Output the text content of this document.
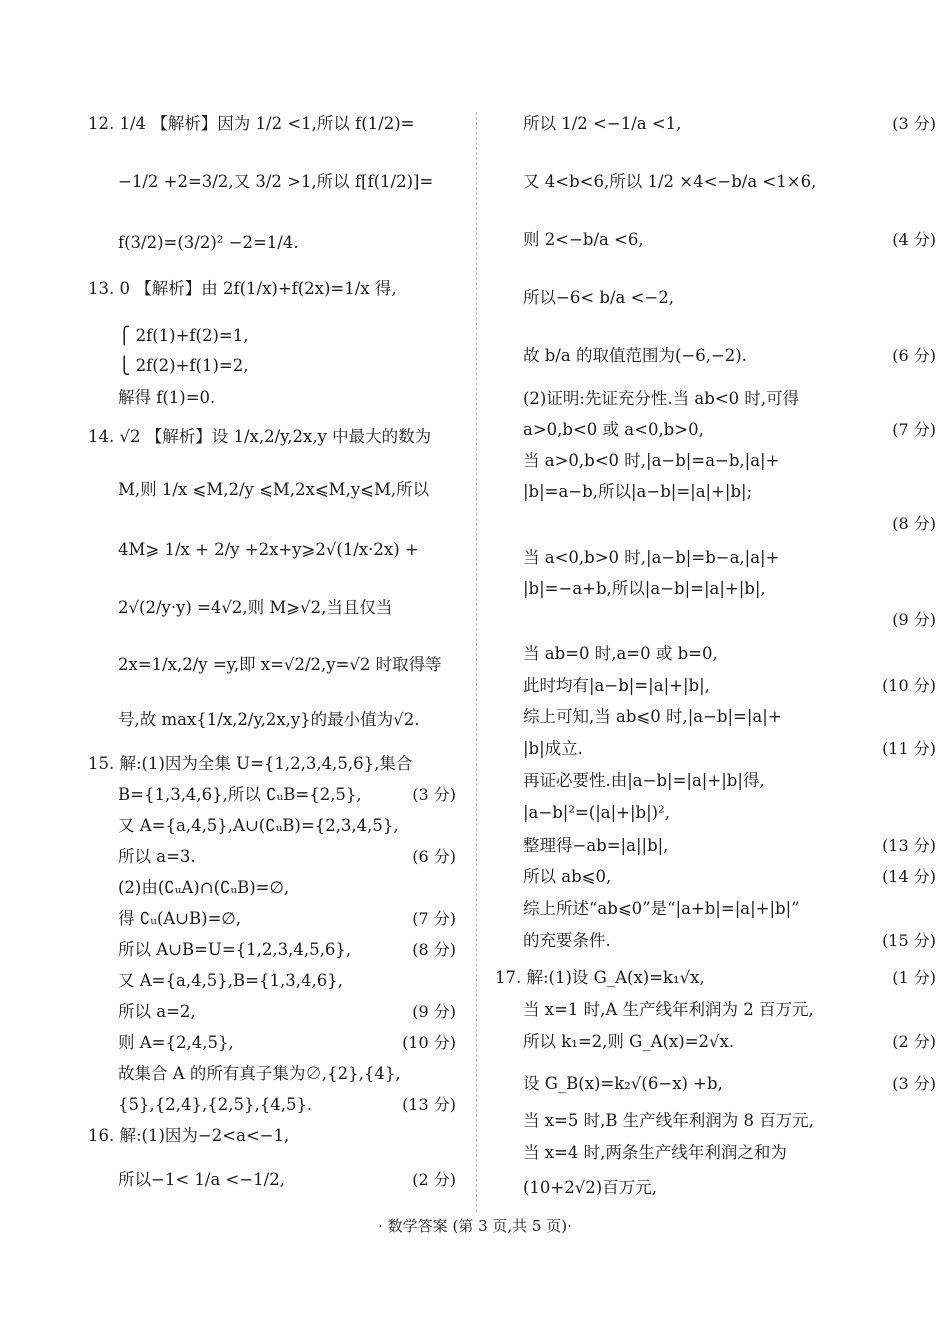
12. 1/4 【解析】因为 1/2 <1,所以 f(1/2)=
−1/2 +2=3/2,又 3/2 >1,所以 f[f(1/2)]=
f(3/2)=(3/2)² −2=1/4.
13. 0 【解析】由 2f(1/x)+f(2x)=1/x 得,
⎧ 2f(1)+f(2)=1,
⎩ 2f(2)+f(1)=2,
解得 f(1)=0.
14. √2 【解析】设 1/x,2/y,2x,y 中最大的数为
M,则 1/x ⩽M,2/y ⩽M,2x⩽M,y⩽M,所以
4M⩾ 1/x + 2/y +2x+y⩾2√(1/x·2x) +
2√(2/y·y) =4√2,则 M⩾√2,当且仅当
2x=1/x,2/y =y,即 x=√2/2,y=√2 时取得等
号,故 max{1/x,2/y,2x,y}的最小值为√2.
15. 解:(1)因为全集 U={1,2,3,4,5,6},集合
B={1,3,4,6},所以 ∁ᵤB={2,5},
又 A={a,4,5},A∪(∁ᵤB)={2,3,4,5},
所以 a=3.
(2)由(∁ᵤA)∩(∁ᵤB)=∅,
得 ∁ᵤ(A∪B)=∅,
所以 A∪B=U={1,2,3,4,5,6},
又 A={a,4,5},B={1,3,4,6},
所以 a=2,
则 A={2,4,5},
故集合 A 的所有真子集为∅,{2},{4},
{5},{2,4},{2,5},{4,5}.
16. 解:(1)因为−2<a<−1,
所以−1< 1/a <−1/2,
(3 分)
(6 分)
(7 分)
(8 分)
(9 分)
(10 分)
(13 分)
(2 分)
所以 1/2 <−1/a <1,
又 4<b<6,所以 1/2 ×4<−b/a <1×6,
则 2<−b/a <6,
所以−6< b/a <−2,
故 b/a 的取值范围为(−6,−2).
(2)证明:先证充分性.当 ab<0 时,可得
a>0,b<0 或 a<0,b>0,
当 a>0,b<0 时,|a−b|=a−b,|a|+
|b|=a−b,所以|a−b|=|a|+|b|;
当 a<0,b>0 时,|a−b|=b−a,|a|+
|b|=−a+b,所以|a−b|=|a|+|b|,
当 ab=0 时,a=0 或 b=0,
此时均有|a−b|=|a|+|b|,
综上可知,当 ab⩽0 时,|a−b|=|a|+
|b|成立.
再证必要性.由|a−b|=|a|+|b|得,
|a−b|²=(|a|+|b|)²,
整理得−ab=|a||b|,
所以 ab⩽0,
综上所述“ab⩽0”是“|a+b|=|a|+|b|”
的充要条件.
17. 解:(1)设 G_A(x)=k₁√x,
当 x=1 时,A 生产线年利润为 2 百万元,
所以 k₁=2,则 G_A(x)=2√x.
设 G_B(x)=k₂√(6−x) +b,
当 x=5 时,B 生产线年利润为 8 百万元,
当 x=4 时,两条生产线年利润之和为
(10+2√2)百万元,
(3 分)
(4 分)
(6 分)
(7 分)
(8 分)
(9 分)
(10 分)
(11 分)
(13 分)
(14 分)
(15 分)
(1 分)
(2 分)
(3 分)
· 数学答案 (第 3 页,共 5 页)·
